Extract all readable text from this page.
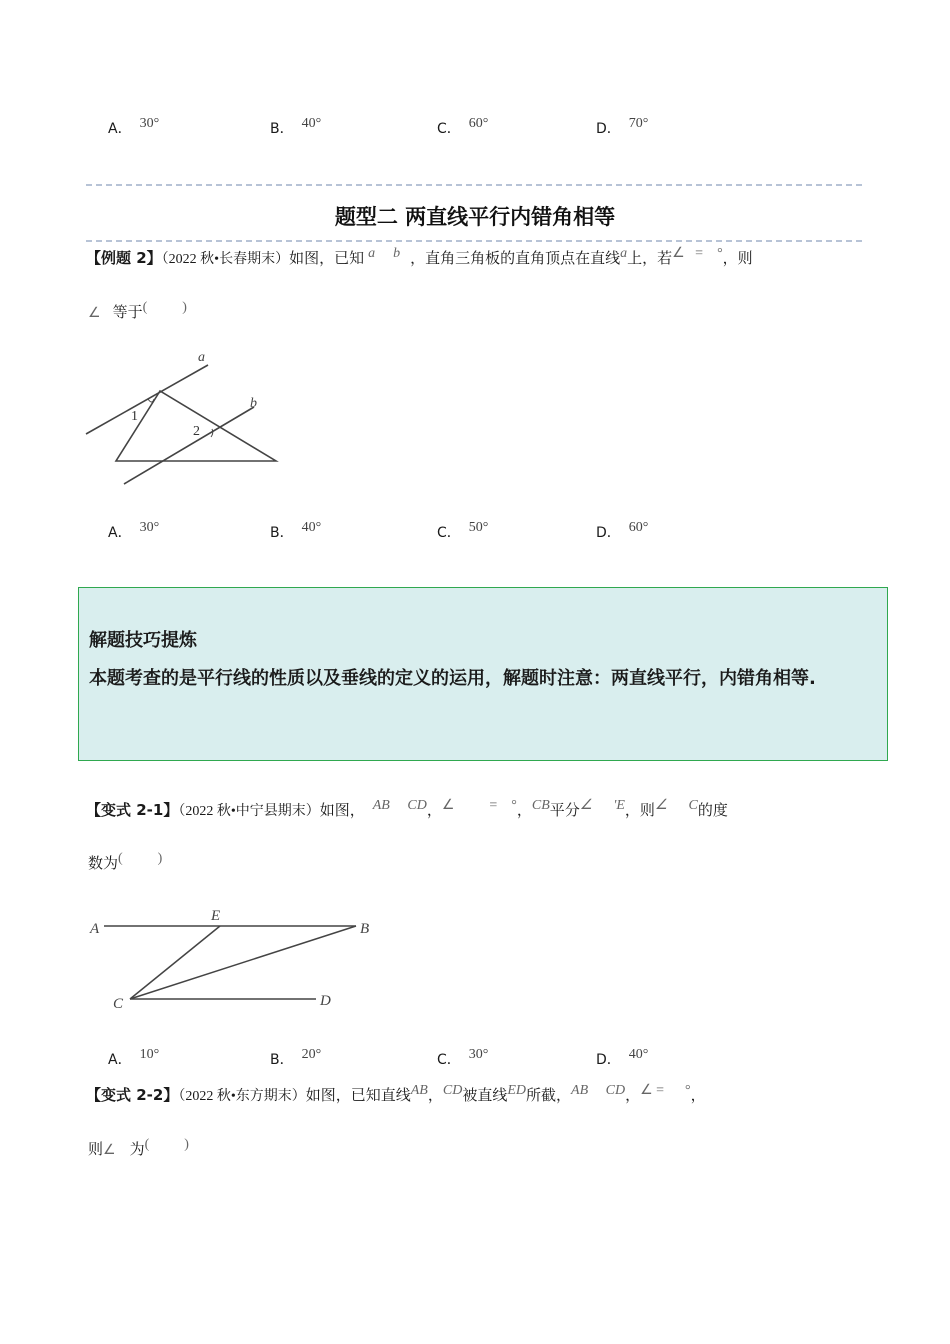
A． 30°	B． 40°	C． 60°	D． 70°
题型二 两直线平行内错角相等
【例题 2】（2022 秋•长春期末）如图，已知 a b ，直角三角板的直角顶点在直线a上，若∠   =    °，则
∠ 等于(          )
a
b
1
2
A． 30°	B． 40°	C． 50°	D． 60°
解题技巧提炼
本题考查的是平行线的性质以及垂线的定义的运用，解题时注意：两直线平行，内错角相等.
【变式 2-1】（2022 秋•中宁县期末）如图， AB     CD，∠          =    °，CB平分∠      'E，则∠      C的度
数为(          )
A
E
B
C	D
A． 10°	B． 20°	C． 30°	D． 40°
【变式 2-2】（2022 秋•东方期末）如图，已知直线AB，CD被直线ED所截，AB     CD，∠ =      °，
则∠    为(          )
